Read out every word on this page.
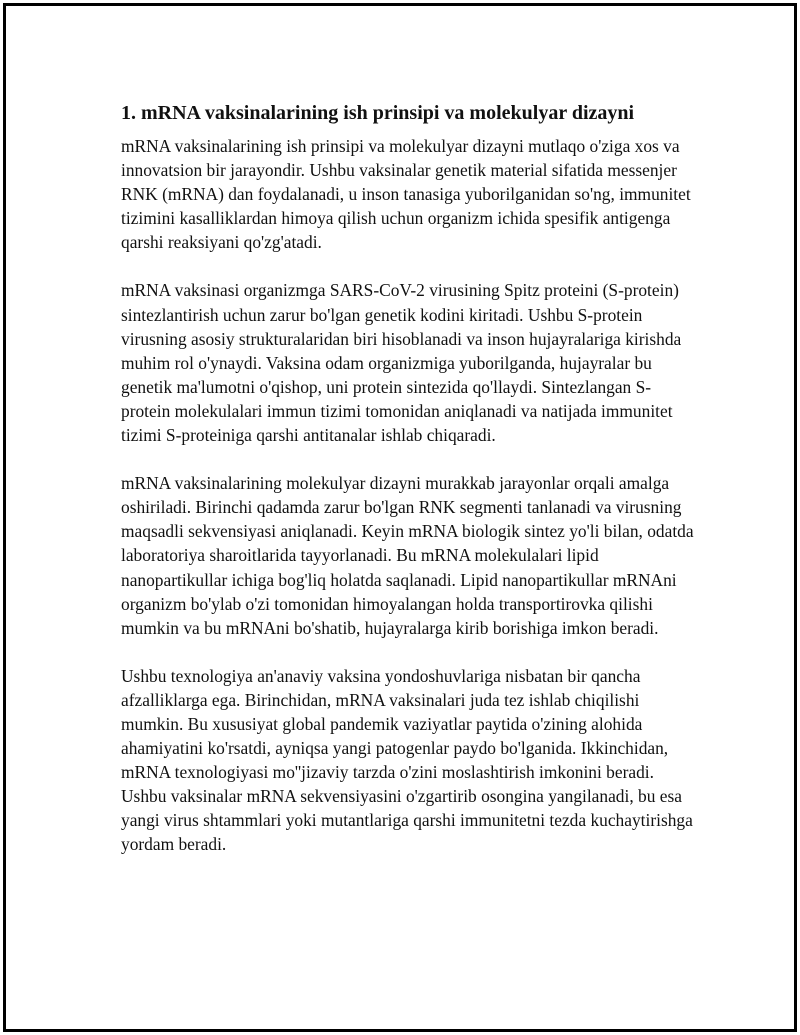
1. mRNA vaksinalarining ish prinsipi va molekulyar dizayni

mRNA vaksinalarining ish prinsipi va molekulyar dizayni mutlaqo o'ziga xos va innovatsion bir jarayondir. Ushbu vaksinalar genetik material sifatida messenjer RNK (mRNA) dan foydalanadi, u inson tanasiga yuborilganidan so'ng, immunitet tizimini kasalliklardan himoya qilish uchun organizm ichida spesifik antigenga qarshi reaksiyani qo'zg'atadi.

mRNA vaksinasi organizmga SARS-CoV-2 virusining Spitz proteini (S-protein) sintezlantirish uchun zarur bo'lgan genetik kodini kiritadi. Ushbu S-protein virusning asosiy strukturalaridan biri hisoblanadi va inson hujayralariga kirishda muhim rol o'ynaydi. Vaksina odam organizmiga yuborilganda, hujayralar bu genetik ma'lumotni o'qishop, uni protein sintezida qo'llaydi. Sintezlangan S-protein molekulalari immun tizimi tomonidan aniqlanadi va natijada immunitet tizimi S-proteiniga qarshi antitanalar ishlab chiqaradi.

mRNA vaksinalarining molekulyar dizayni murakkab jarayonlar orqali amalga oshiriladi. Birinchi qadamda zarur bo'lgan RNK segmenti tanlanadi va virusning maqsadli sekvensiyasi aniqlanadi. Keyin mRNA biologik sintez yo'li bilan, odatda laboratoriya sharoitlarida tayyorlanadi. Bu mRNA molekulalari lipid nanopartikullar ichiga bog'liq holatda saqlanadi. Lipid nanopartikullar mRNAni organizm bo'ylab o'zi tomonidan himoyalangan holda transportirovka qilishi mumkin va bu mRNAni bo'shatib, hujayralarga kirib borishiga imkon beradi.

Ushbu texnologiya an'anaviy vaksina yondoshuvlariga nisbatan bir qancha afzalliklarga ega. Birinchidan, mRNA vaksinalari juda tez ishlab chiqilishi mumkin. Bu xususiyat global pandemik vaziyatlar paytida o'zining alohida ahamiyatini ko'rsatdi, ayniqsa yangi patogenlar paydo bo'lganida. Ikkinchidan, mRNA texnologiyasi mo''jizaviy tarzda o'zini moslashtirish imkonini beradi. Ushbu vaksinalar mRNA sekvensiyasini o'zgartirib osongina yangilanadi, bu esa yangi virus shtammlari yoki mutantlariga qarshi immunitetni tezda kuchaytirishga yordam beradi.
